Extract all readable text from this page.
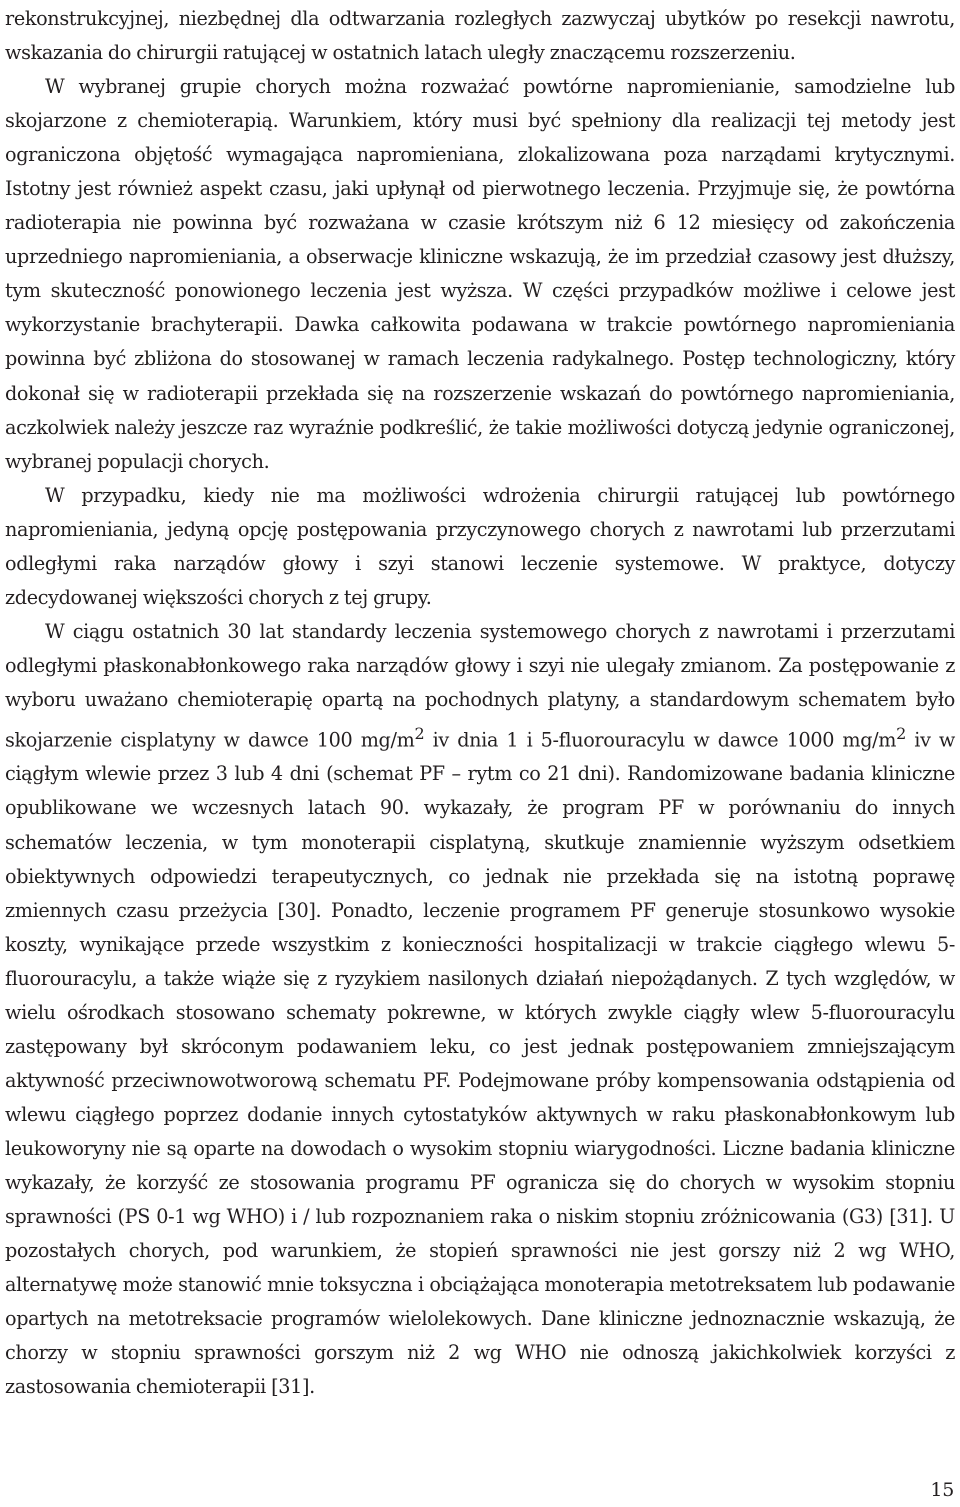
rekonstrukcyjnej, niezbędnej dla odtwarzania rozległych zazwyczaj ubytków po resekcji nawrotu, wskazania do chirurgii ratującej w ostatnich latach uległy znaczącemu rozszerzeniu.

W wybranej grupie chorych można rozważać powtórne napromienianie, samodzielne lub skojarzone z chemioterapią. Warunkiem, który musi być spełniony dla realizacji tej metody jest ograniczona objętość wymagająca napromieniana, zlokalizowana poza narządami krytycznymi. Istotny jest również aspekt czasu, jaki upłynął od pierwotnego leczenia. Przyjmuje się, że powtórna radioterapia nie powinna być rozważana w czasie krótszym niż 6 12 miesięcy od zakończenia uprzedniego napromieniania, a obserwacje kliniczne wskazują, że im przedział czasowy jest dłuższy, tym skuteczność ponowionego leczenia jest wyższa. W części przypadków możliwe i celowe jest wykorzystanie brachyterapii. Dawka całkowita podawana w trakcie powtórnego napromieniania powinna być zbliżona do stosowanej w ramach leczenia radykalnego. Postęp technologiczny, który dokonał się w radioterapii przekłada się na rozszerzenie wskazań do powtórnego napromieniania, aczkolwiek należy jeszcze raz wyraźnie podkreślić, że takie możliwości dotyczą jedynie ograniczonej, wybranej populacji chorych.

W przypadku, kiedy nie ma możliwości wdrożenia chirurgii ratującej lub powtórnego napromieniania, jedyną opcję postępowania przyczynowego chorych z nawrotami lub przerzutami odległymi raka narządów głowy i szyi stanowi leczenie systemowe. W praktyce, dotyczy zdecydowanej większości chorych z tej grupy.

W ciągu ostatnich 30 lat standardy leczenia systemowego chorych z nawrotami i przerzutami odległymi płaskonabłonkowego raka narządów głowy i szyi nie ulegały zmianom. Za postępowanie z wyboru uważano chemioterapię opartą na pochodnych platyny, a standardowym schematem było skojarzenie cisplatyny w dawce 100 $mg/m^2$ iv dnia 1 i 5-fluorouracylu w dawce 1000 $mg/m^2$ iv w ciągłym wlewie przez 3 lub 4 dni (schemat PF – rytm co 21 dni). Randomizowane badania kliniczne opublikowane we wczesnych latach 90. wykazały, że program PF w porównaniu do innych schematów leczenia, w tym monoterapii cisplatyną, skutkuje znamiennie wyższym odsetkiem obiektywnych odpowiedzi terapeutycznych, co jednak nie przekłada się na istotną poprawę zmiennych czasu przeżycia [30]. Ponadto, leczenie programem PF generuje stosunkowo wysokie koszty, wynikające przede wszystkim z konieczności hospitalizacji w trakcie ciągłego wlewu 5-fluorouracylu, a także wiąże się z ryzykiem nasilonych działań niepożądanych. Z tych względów, w wielu ośrodkach stosowano schematy pokrewne, w których zwykle ciągły wlew 5-fluorouracylu zastępowany był skróconym podawaniem leku, co jest jednak postępowaniem zmniejszającym aktywność przeciwnowotworową schematu PF. Podejmowane próby kompensowania odstąpienia od wlewu ciągłego poprzez dodanie innych cytostatyków aktywnych w raku płaskonabłonkowym lub leukoworyny nie są oparte na dowodach o wysokim stopniu wiarygodności. Liczne badania kliniczne wykazały, że korzyść ze stosowania programu PF ogranicza się do chorych w wysokim stopniu sprawności (PS 0-1 wg WHO) i / lub rozpoznaniem raka o niskim stopniu zróżnicowania (G3) [31]. U pozostałych chorych, pod warunkiem, że stopień sprawności nie jest gorszy niż 2 wg WHO, alternatywę może stanowić mnie toksyczna i obciążająca monoterapia metotreksatem lub podawanie opartych na metotreksacie programów wielolekowych. Dane kliniczne jednoznacznie wskazują, że chorzy w stopniu sprawności gorszym niż 2 wg WHO nie odnoszą jakichkolwiek korzyści z zastosowania chemioterapii [31].

15
